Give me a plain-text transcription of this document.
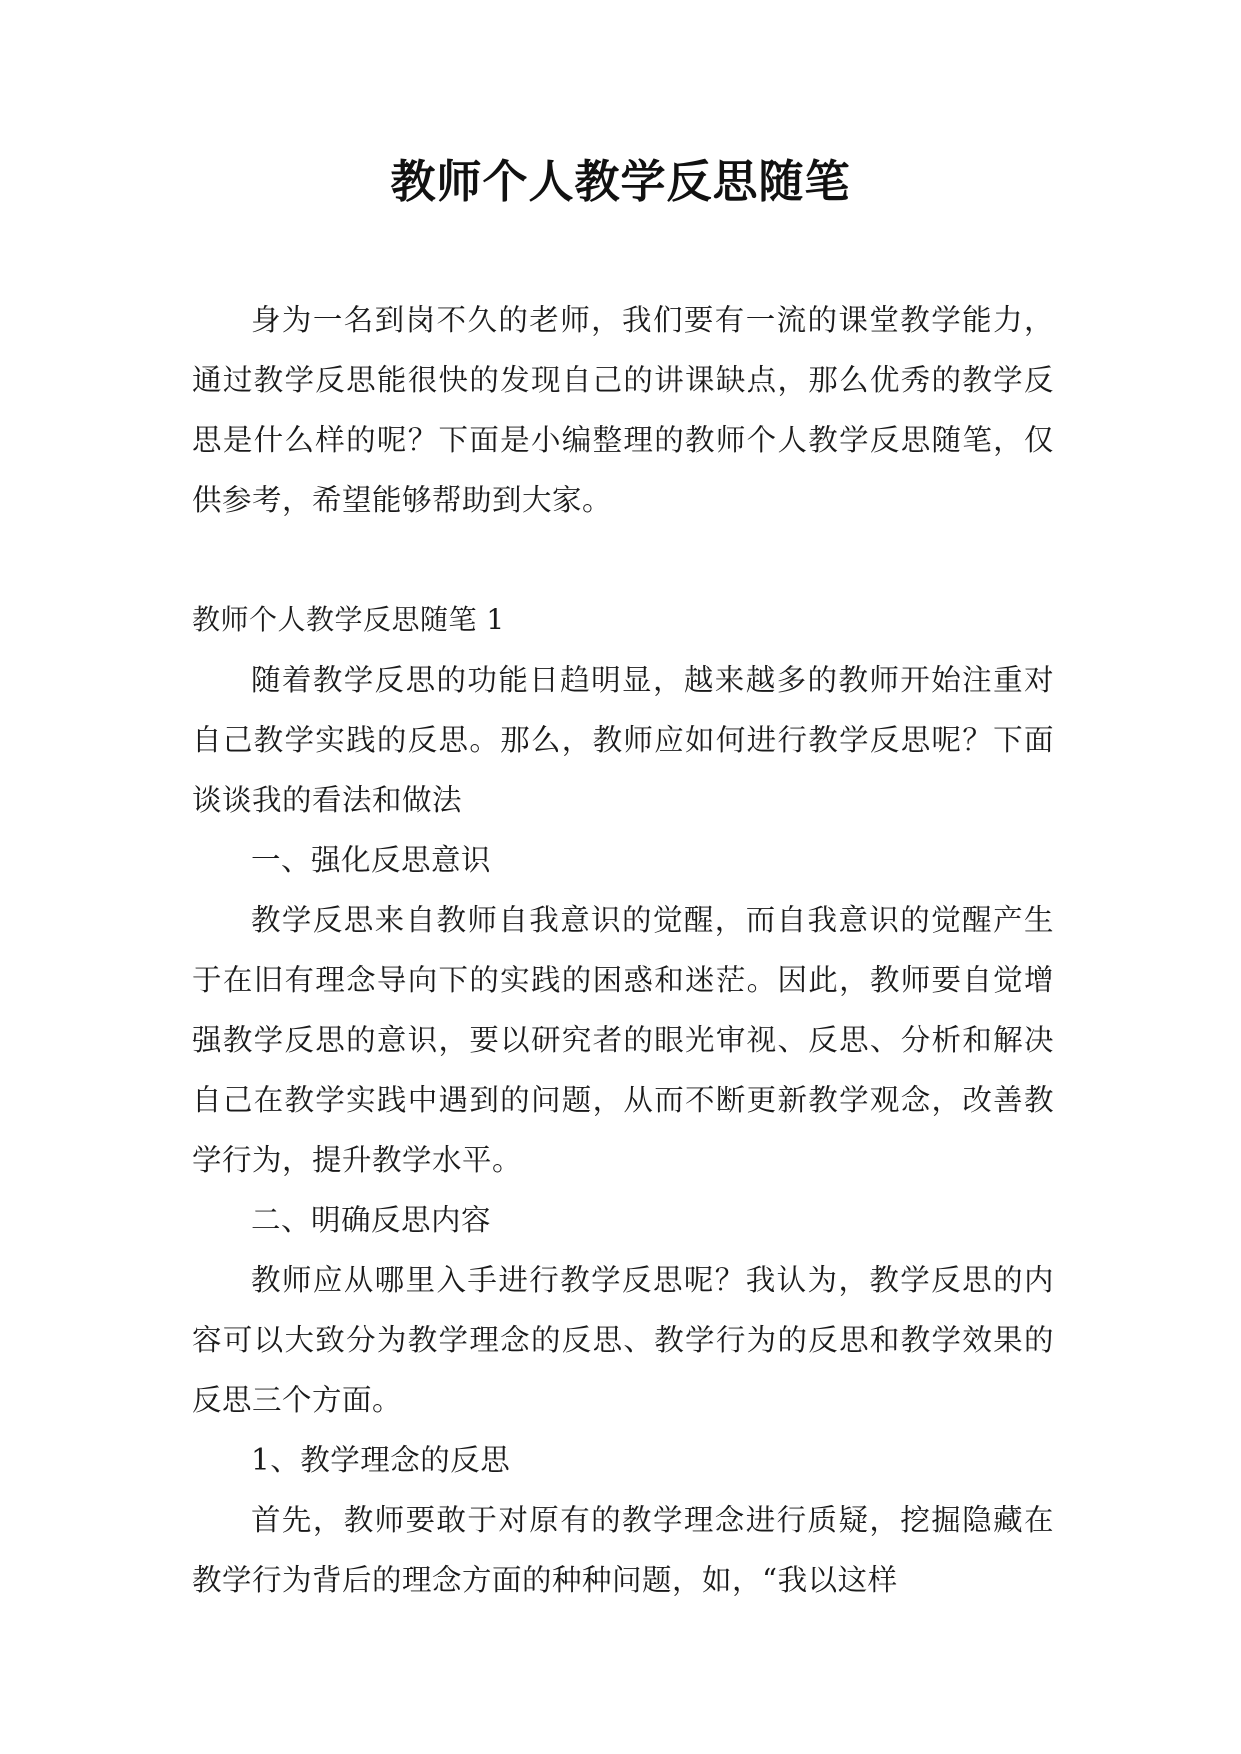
教师个人教学反思随笔

身为一名到岗不久的老师，我们要有一流的课堂教学能力，通过教学反思能很快的发现自己的讲课缺点，那么优秀的教学反思是什么样的呢？下面是小编整理的教师个人教学反思随笔，仅供参考，希望能够帮助到大家。

教师个人教学反思随笔 1

随着教学反思的功能日趋明显，越来越多的教师开始注重对自己教学实践的反思。那么，教师应如何进行教学反思呢？下面谈谈我的看法和做法

一、强化反思意识

教学反思来自教师自我意识的觉醒，而自我意识的觉醒产生于在旧有理念导向下的实践的困惑和迷茫。因此，教师要自觉增强教学反思的意识，要以研究者的眼光审视、反思、分析和解决自己在教学实践中遇到的问题，从而不断更新教学观念，改善教学行为，提升教学水平。

二、明确反思内容

教师应从哪里入手进行教学反思呢？我认为，教学反思的内容可以大致分为教学理念的反思、教学行为的反思和教学效果的反思三个方面。

1、教学理念的反思

首先，教师要敢于对原有的教学理念进行质疑，挖掘隐藏在教学行为背后的理念方面的种种问题，如，“我以这样
